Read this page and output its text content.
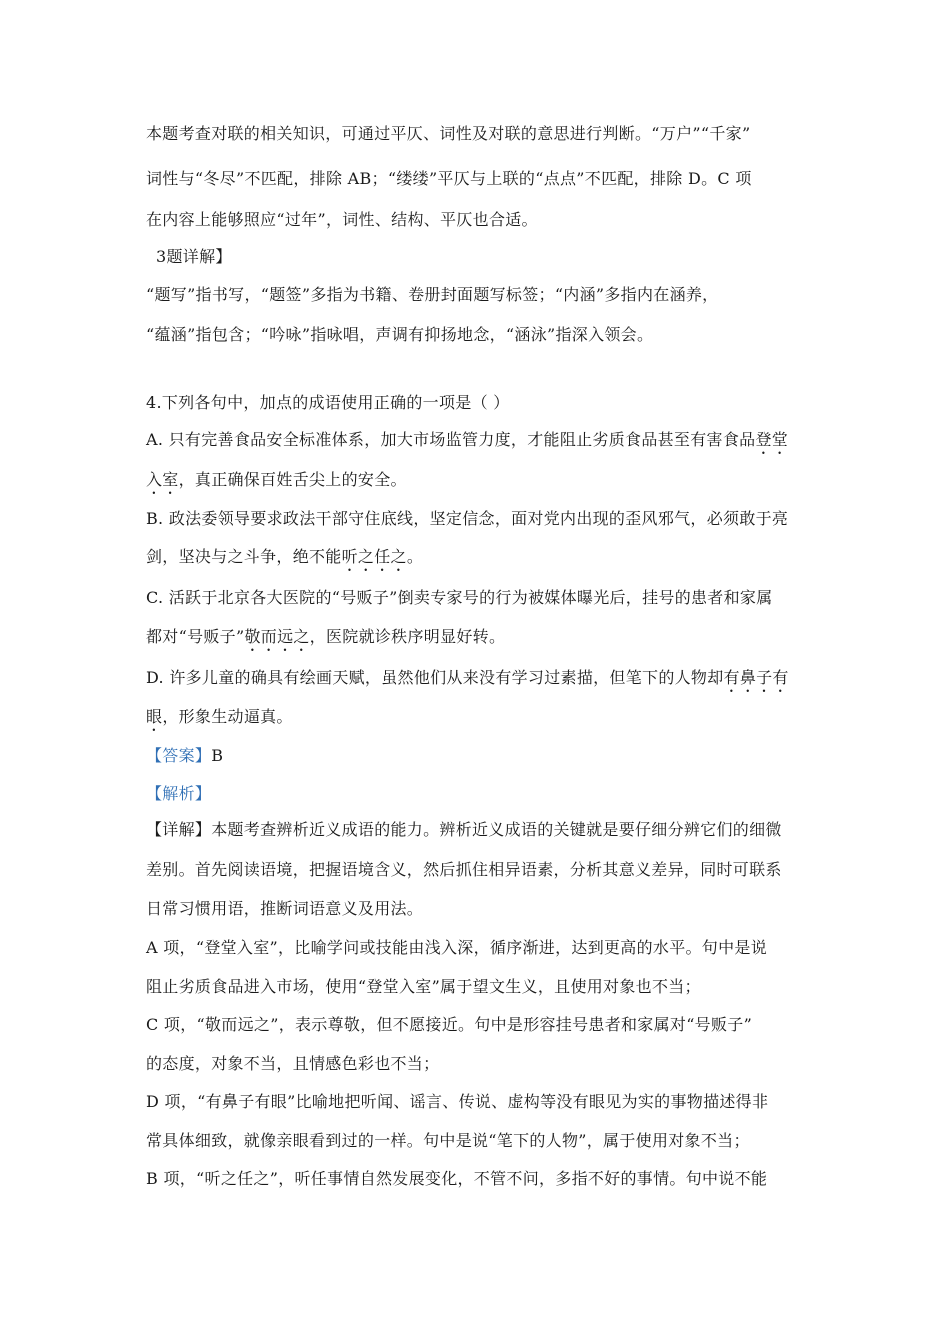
本题考查对联的相关知识，可通过平仄、词性及对联的意思进行判断。“万户”“千家”
词性与“冬尽”不匹配，排除 AB；“缕缕”平仄与上联的“点点”不匹配，排除 D。C 项
在内容上能够照应“过年”，词性、结构、平仄也合适。
3题详解】
“题写”指书写，“题签”多指为书籍、卷册封面题写标签；“内涵”多指内在涵养，
“蕴涵”指包含；“吟咏”指咏唱，声调有抑扬地念，“涵泳”指深入领会。
4.下列各句中，加点的成语使用正确的一项是（ ）
A. 只有完善食品安全标准体系，加大市场监管力度，才能阻止劣质食品甚至有害食品登堂
入室，真正确保百姓舌尖上的安全。
B. 政法委领导要求政法干部守住底线，坚定信念，面对党内出现的歪风邪气，必须敢于亮
剑，坚决与之斗争，绝不能听之任之。
C. 活跃于北京各大医院的“号贩子”倒卖专家号的行为被媒体曝光后，挂号的患者和家属
都对“号贩子”敬而远之，医院就诊秩序明显好转。
D. 许多儿童的确具有绘画天赋，虽然他们从来没有学习过素描，但笔下的人物却有鼻子有
眼，形象生动逼真。
【答案】B
【解析】
【详解】本题考查辨析近义成语的能力。辨析近义成语的关键就是要仔细分辨它们的细微
差别。首先阅读语境，把握语境含义，然后抓住相异语素，分析其意义差异，同时可联系
日常习惯用语，推断词语意义及用法。
A 项，“登堂入室”，比喻学问或技能由浅入深，循序渐进，达到更高的水平。句中是说
阻止劣质食品进入市场，使用“登堂入室”属于望文生义，且使用对象也不当；
C 项，“敬而远之”，表示尊敬，但不愿接近。句中是形容挂号患者和家属对“号贩子”
的态度，对象不当，且情感色彩也不当；
D 项，“有鼻子有眼”比喻地把听闻、谣言、传说、虚构等没有眼见为实的事物描述得非
常具体细致，就像亲眼看到过的一样。句中是说“笔下的人物”，属于使用对象不当；
B 项，“听之任之”，听任事情自然发展变化，不管不问，多指不好的事情。句中说不能
